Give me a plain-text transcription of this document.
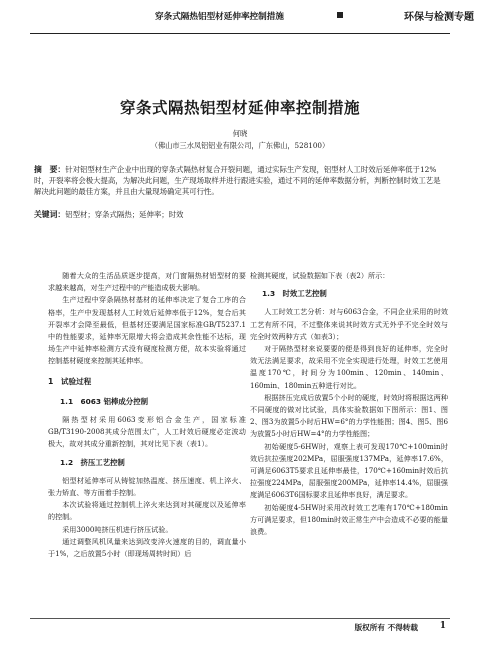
穿条式隔热铝型材延伸率控制措施	环保与检测专题
穿条式隔热铝型材延伸率控制措施
何晓
（佛山市三水凤铝铝业有限公司，广东佛山，528100）
摘　要：针对铝型材生产企业中出现的穿条式隔热材复合开裂问题，通过实际生产发现，铝型材人工时效后延伸率低于12%时，开裂率将会极大提高，为解决此问题，生产现场取样并进行跟进实验，通过不同的延伸率数据分析，判断控制时效工艺是解决此问题的最佳方案，并且由大量现场确定其可行性。
关键词：铝型材；穿条式隔热；延伸率；时效

随着大众的生活品质逐步提高，对门窗隔热材铝型材的要求越来越高，对生产过程中的产能造成极大影响。

生产过程中穿条隔热材基材的延伸率决定了复合工序的合格率，生产中发现基材人工时效后延伸率低于12%，复合后其开裂率才会降至最低，但基材还要满足国家标准GB/T5237.1中的性能要求，延伸率无限增大将会造成其余性能不达标，现场生产中延伸率检测方式没有硬度检测方便，故本实验将通过控制基材硬度来控制其延伸率。

1　试验过程
1.1　6063 铝棒成分控制

隔热型材采用6063变形铝合金生产，国家标准GB/T3190-2008其成分范围太广，人工时效后硬度必定波动极大，故对其成分重新控制，其对比见下表（表1）。

1.2　挤压工艺控制

铝型材延伸率可从铸锭加热温度、挤压速度、机上淬火、张力矫直、等方面着手控制。

本次试验将通过控制机上淬火来达到对其硬度以及延伸率的控制。

采用3000吨挤压机进行挤压试验。

通过调整风机风量来达到改变淬火速度的目的，调直量小于1%，之后放置5小时（即现场周转时间）后

检测其硬度，试验数据如下表（表2）所示：

1.3　时效工艺控制

人工时效工艺分析：对与6063合金，不同企业采用的时效工艺有所不同，不过整体来说其时效方式无外乎不完全时效与完全时效两种方式（如表3）；

对于隔热型材来说要要的便是得到良好的延伸率，完全时效无法满足要求，故采用不完全实现进行处理，时效工艺使用温度170℃，时间分为100min、120min、140min、160min、180min五种进行对比。

根据挤压完成后放置5个小时的硬度，时效时将根据这两种不同硬度的做对比试验，具体实验数据如下图所示：图1、图2、图3为放置5小时后HW=6°的力学性能图；图4、图5、图6为放置5小时后HW=4°的力学性能图；

初始硬度5-6HW时，观察上表可发现170℃+100min时效后抗拉强度202MPa，屈服强度137MPa，延伸率17.6%，可满足6063T5要求且延伸率最佳，170℃+160min时效后抗拉强度224MPa，屈服强度200MPa，延伸率14.4%，屈服强度满足6063T6国标要求且延伸率良好，满足要求。

初始硬度4-5HW时采用改时效工艺唯有170℃+180min方可满足要求，但180min时效正常生产中会造成不必要的能量浪费。

版权所有 不得转载 1
